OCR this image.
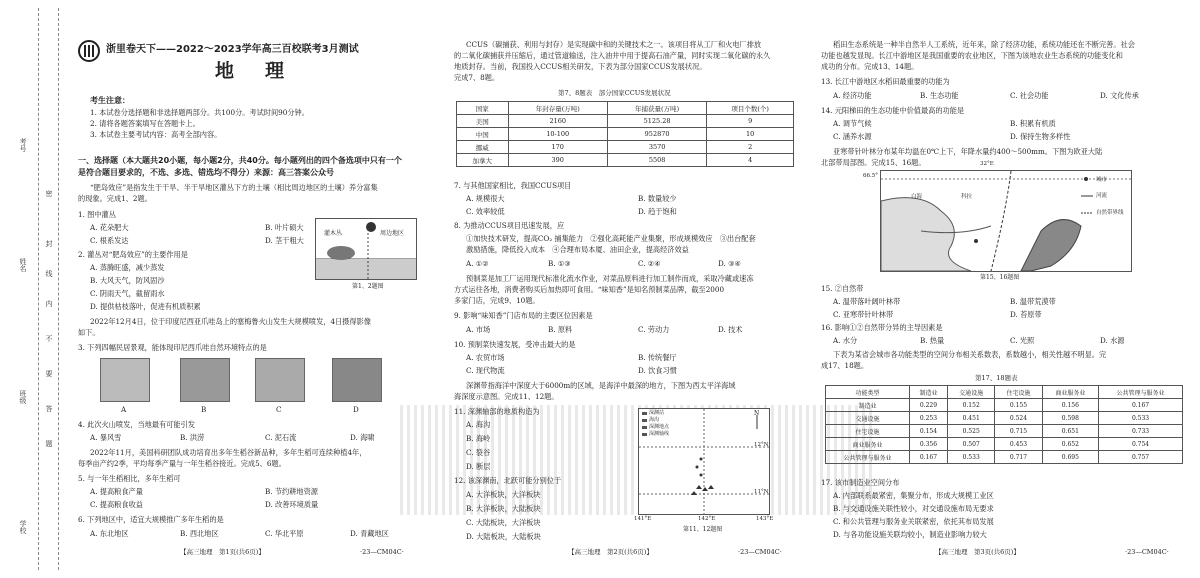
考号
姓名
班级
学校
密
封
线
内
不
要
答
题
浙里卷天下——2022～2023学年高三百校联考3月测试
地　理
考生注意：
1. 本试卷分选择题和非选择题两部分。共100分。考试时间90分钟。
2. 请将各题答案填写在答题卡上。
3. 本试卷主要考试内容：高考全部内容。
一、选择题（本大题共20小题，每小题2分，共40分。每小题列出的四个备选项中只有一个
是符合题目要求的，不选、多选、错选均不得分）来源：高三答案公众号
“肥岛效应”是指发生于干旱、半干旱地区灌丛下方的土壤（相比周边地区的土壤）养分富集
的现象。完成1、2题。
1. 图中灌丛
A. 花朵肥大	B. 叶片硕大
C. 根系发达	D. 茎干粗大
灌木丛	周边地区
第1、2题图
2. 灌丛对“肥岛效应”的主要作用是
A. 蒸腾旺盛，减少蒸发
B. 大风天气，防风固沙
C. 阴雨天气，截留雨水
D. 提供枯枝落叶，促进有机质积累
2022年12月4日，位于印度尼西亚爪哇岛上的塞梅鲁火山发生大规模喷发，4日摄得影像
如下。
3. 下列四幅民居景观，能体现印尼西爪哇自然环境特点的是
A	B	C	D
4. 此次火山喷发，当地最有可能引发
A. 暴风雪	B. 洪涝	C. 泥石流	D. 海啸
2022年11月，美国科研团队成功培育出多年生稻谷新品种，多年生稻可连续种植4年，
每季亩产约2季，平均每季产量与一年生稻谷接近。完成5、6题。
5. 与一年生稻相比，多年生稻可
A. 提高粮食产量	B. 节约耕地资源
C. 提高粮食收益	D. 改善环境质量
6. 下列地区中，适宜大规模推广多年生稻的是
A. 东北地区	B. 西北地区	C. 华北平原	D. 青藏地区
【高三地理　第1页(共6页)】	·23—CM04C·
CCUS（碳捕获、利用与封存）是实现碳中和的关键技术之一。该项目将从工厂和火电厂排放
的二氧化碳捕获并压缩后，通过管道输送，注入油井中用于提高石油产量，同时实现二氧化碳的永久
地质封存。当前，我国投入CCUS相关研发，下表为部分国家CCUS发展状况。
完成7、8题。
第7、8题表　部分国家CCUS发展状况
国家	年封存量(万吨)	年捕获量(万吨)	项目个数(个)
美国	2160	5125.28	9
中国	10-100	952870	10
挪威	170	3570	2
加拿大	390	5508	4
7. 与其他国家相比，我国CCUS项目
A. 规模很大	B. 数量较少
C. 效率较低	D. 趋于饱和
8. 为推动CCUS项目迅速发展，应
①加快技术研发，提高CO₂ 捕集能力　②强化高耗能产业集聚，形成规模效应　③出台配套
激励措施，降低投入成本　④合理布局本厦、油田企业，提高经济效益
A. ①②	B. ①③	C. ②④	D. ③④
预制菜是加工厂运用现代标准化流水作业，对菜品原料进行加工制作而成，采取冷藏或速冻
方式运往各地，消费者购买后加热即可食用。“味知香”是知名预制菜品牌，截至2000
多家门店，完成9、10题。
9. 影响“味知香”门店布局的主要区位因素是
A. 市场	B. 原料	C. 劳动力	D. 技术
10. 预制菜快速发展，受冲击最大的是
A. 农贸市场	B. 传统餐厅
C. 现代物流	D. 饮食习惯
深渊带指海洋中深度大于6000m的区域，是海洋中最深的地方，下图为西太平洋海域
海深度示意图。完成11、12题。
11. 深渊轴部的地质构造为
A. 海沟
B. 海岭
C. 裂谷
D. 断层
12. 该深渊南，北跃可能分别位于
A. 大洋板块，大洋板块
B. 大洋板块，大陆板块
C. 大陆板块，大洋板块
D. 大陆板块，大陆板块
深渊站
海沟
深渊地点
深渊轴线
N
12°N
11°N
141°E	142°E	143°E
第11、12题图
【高三地理　第2页(共6页)】	·23—CM04C·
稻田生态系统是一种半自然半人工系统，近年来，除了经济功能，系统功能还在不断完善。社会
功能也越发显现。长江中游地区是我国重要的农业地区，下图为该地农业生态系统的功能变化和
成功的分布。完成13、14题。
13. 长江中游地区水稻田最重要的功能为
A. 经济功能	B. 生态功能	C. 社会功能	D. 文化传承
14. 元阳梯田的生态功能中价值最高的功能是
A. 调节气候	B. 积累有机质
C. 涵养水源	D. 保持生物多样性
亚寒带针叶林分布某年均温在0℃上下，年降水量约400～500mm。下图为欧亚大陆
北部带局部图。完成15、16题。
白海	科拉
城市
河流
自然带界线
32°E
66.5°
第15、16题图
15. ②自然带
A. 温带落叶阔叶林带	B. 温带荒漠带
C. 亚寒带针叶林带	D. 苔原带
16. 影响①②自然带分异的主导因素是
A. 水分	B. 热量	C. 光照	D. 水源
下表为某省会城市各功能类型的空间分布相关系数表，系数越小，相关性越不明显。完
成17、18题。
第17、18题表
功能类型	制造业	交通设施	住宅设施	商业服务业	公共管理与服务业
制造业	0.229	0.152	0.155	0.156	0.167
交通设施	0.253	0.451	0.524	0.598	0.533
住宅设施	0.154	0.525	0.715	0.651	0.733
商业服务业	0.356	0.507	0.453	0.652	0.754
公共管理与服务业	0.167	0.533	0.717	0.695	0.757
17. 该市制造业空间分布
A. 内部联系最紧密，集聚分布，形成大规模工业区
B. 与交通设施关联性较小，对交通设施布局无要求
C. 和公共管理与服务业关联紧密，依托其布局发展
D. 与各功能设施关联均较小，制造业影响力较大
【高三地理　第3页(共6页)】	·23—CM04C·
